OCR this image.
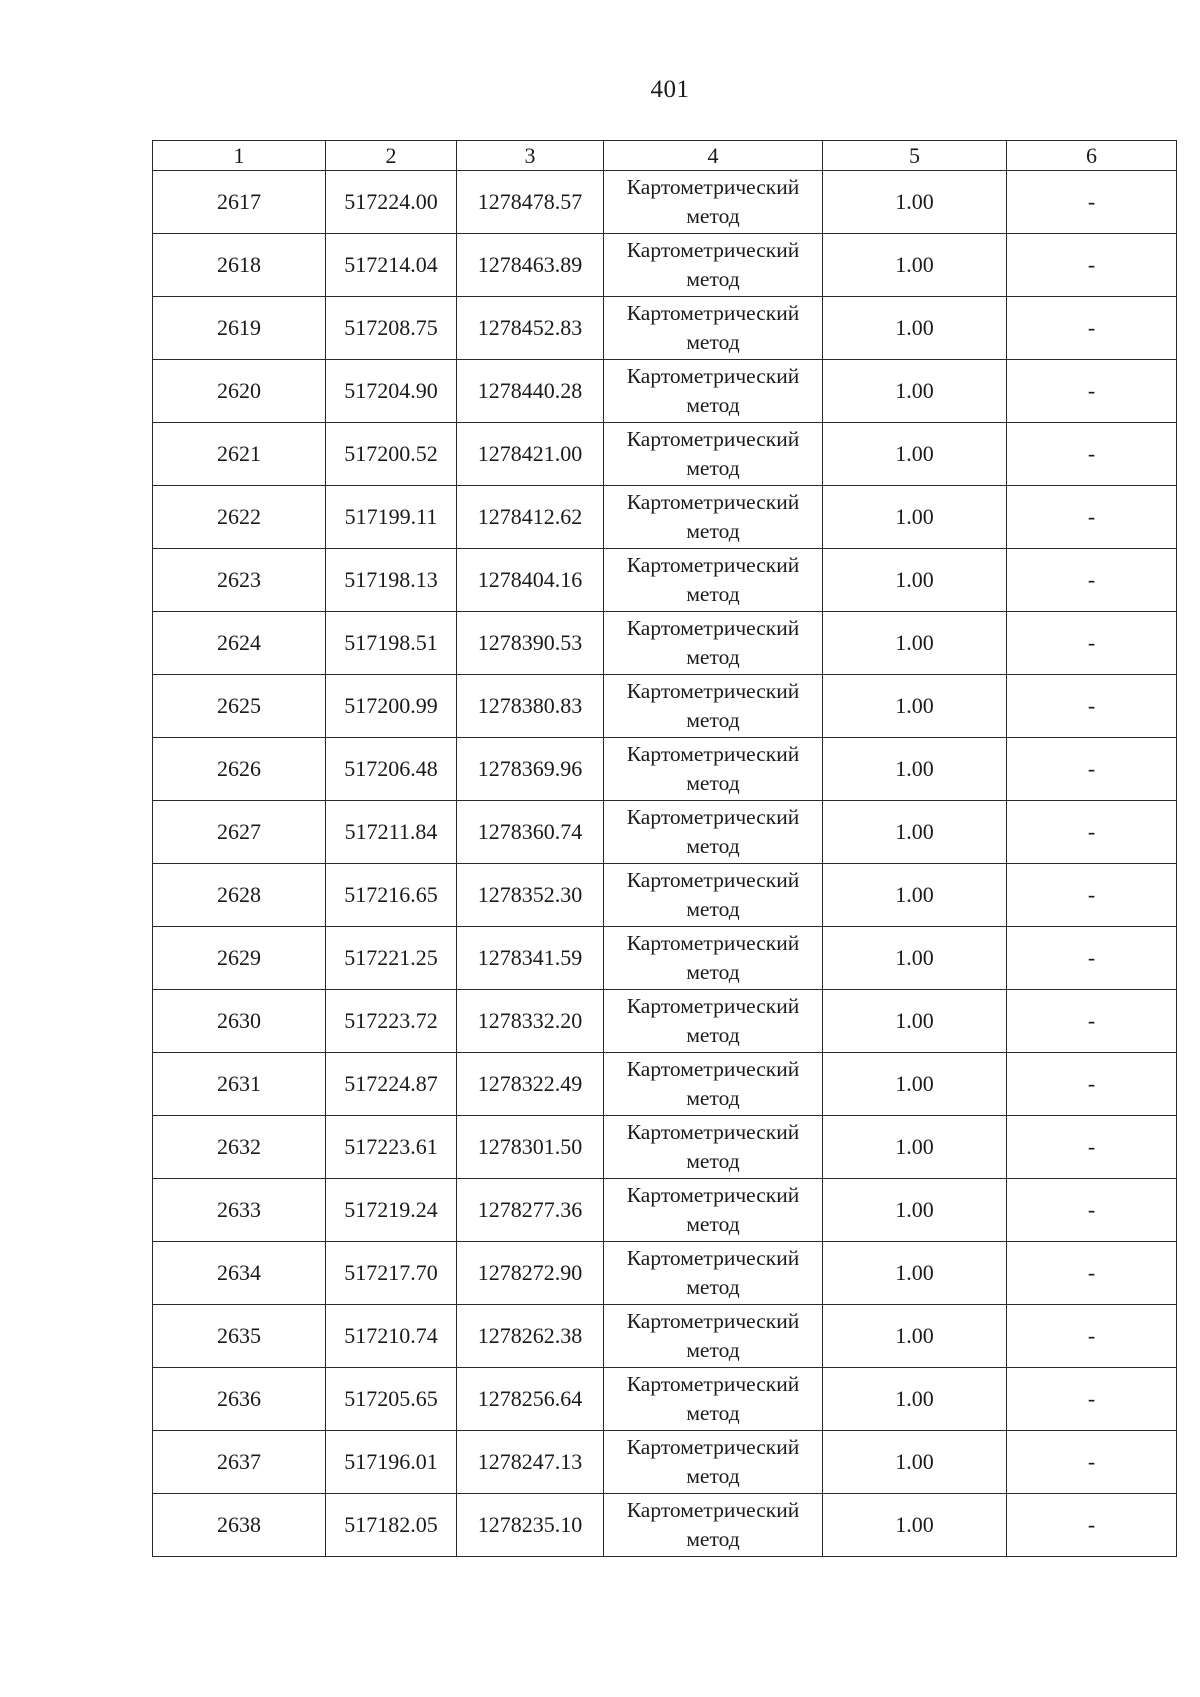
401
1	2	3	4	5	6
2617	517224.00	1278478.57	Картометрический
метод	1.00	-
2618	517214.04	1278463.89	Картометрический
метод	1.00	-
2619	517208.75	1278452.83	Картометрический
метод	1.00	-
2620	517204.90	1278440.28	Картометрический
метод	1.00	-
2621	517200.52	1278421.00	Картометрический
метод	1.00	-
2622	517199.11	1278412.62	Картометрический
метод	1.00	-
2623	517198.13	1278404.16	Картометрический
метод	1.00	-
2624	517198.51	1278390.53	Картометрический
метод	1.00	-
2625	517200.99	1278380.83	Картометрический
метод	1.00	-
2626	517206.48	1278369.96	Картометрический
метод	1.00	-
2627	517211.84	1278360.74	Картометрический
метод	1.00	-
2628	517216.65	1278352.30	Картометрический
метод	1.00	-
2629	517221.25	1278341.59	Картометрический
метод	1.00	-
2630	517223.72	1278332.20	Картометрический
метод	1.00	-
2631	517224.87	1278322.49	Картометрический
метод	1.00	-
2632	517223.61	1278301.50	Картометрический
метод	1.00	-
2633	517219.24	1278277.36	Картометрический
метод	1.00	-
2634	517217.70	1278272.90	Картометрический
метод	1.00	-
2635	517210.74	1278262.38	Картометрический
метод	1.00	-
2636	517205.65	1278256.64	Картометрический
метод	1.00	-
2637	517196.01	1278247.13	Картометрический
метод	1.00	-
2638	517182.05	1278235.10	Картометрический
метод	1.00	-
